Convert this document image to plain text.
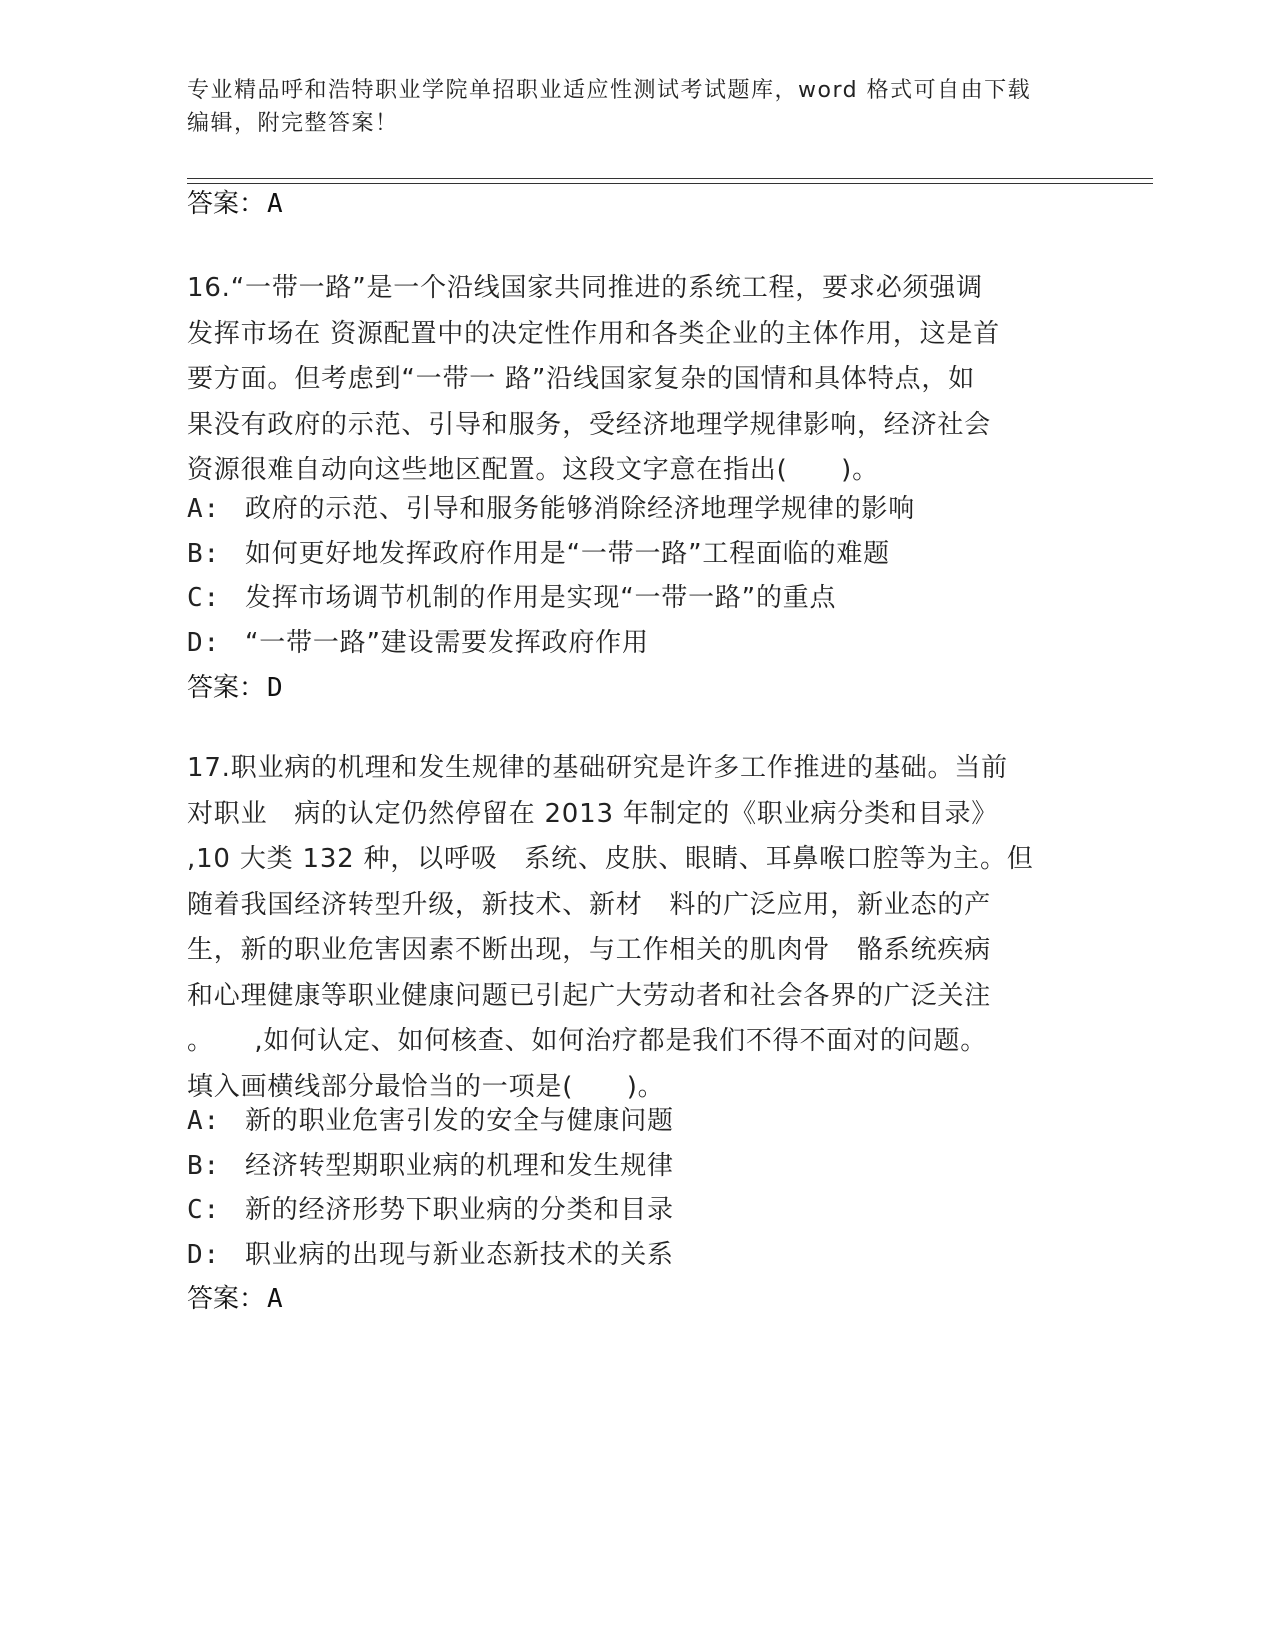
专业精品呼和浩特职业学院单招职业适应性测试考试题库，word 格式可自由下载
编辑，附完整答案！
答案：A
16.“一带一路”是一个沿线国家共同推进的系统工程，要求必须强调
发挥市场在 资源配置中的决定性作用和各类企业的主体作用，这是首
要方面。但考虑到“一带一 路”沿线国家复杂的国情和具体特点，如
果没有政府的示范、引导和服务，受经济地理学规律影响，经济社会
资源很难自动向这些地区配置。这段文字意在指出(　　)。
A: 政府的示范、引导和服务能够消除经济地理学规律的影响
B: 如何更好地发挥政府作用是“一带一路”工程面临的难题
C: 发挥市场调节机制的作用是实现“一带一路”的重点
D: “一带一路”建设需要发挥政府作用
答案：D
17.职业病的机理和发生规律的基础研究是许多工作推进的基础。当前
对职业　病的认定仍然停留在 2013 年制定的《职业病分类和目录》
,10 大类 132 种，以呼吸　系统、皮肤、眼睛、耳鼻喉口腔等为主。但
随着我国经济转型升级，新技术、新材　料的广泛应用，新业态的产
生，新的职业危害因素不断出现，与工作相关的肌肉骨　骼系统疾病
和心理健康等职业健康问题已引起广大劳动者和社会各界的广泛关注
。　　,如何认定、如何核查、如何治疗都是我们不得不面对的问题。
填入画横线部分最恰当的一项是(　　)。
A: 新的职业危害引发的安全与健康问题
B: 经济转型期职业病的机理和发生规律
C: 新的经济形势下职业病的分类和目录
D: 职业病的出现与新业态新技术的关系
答案：A
